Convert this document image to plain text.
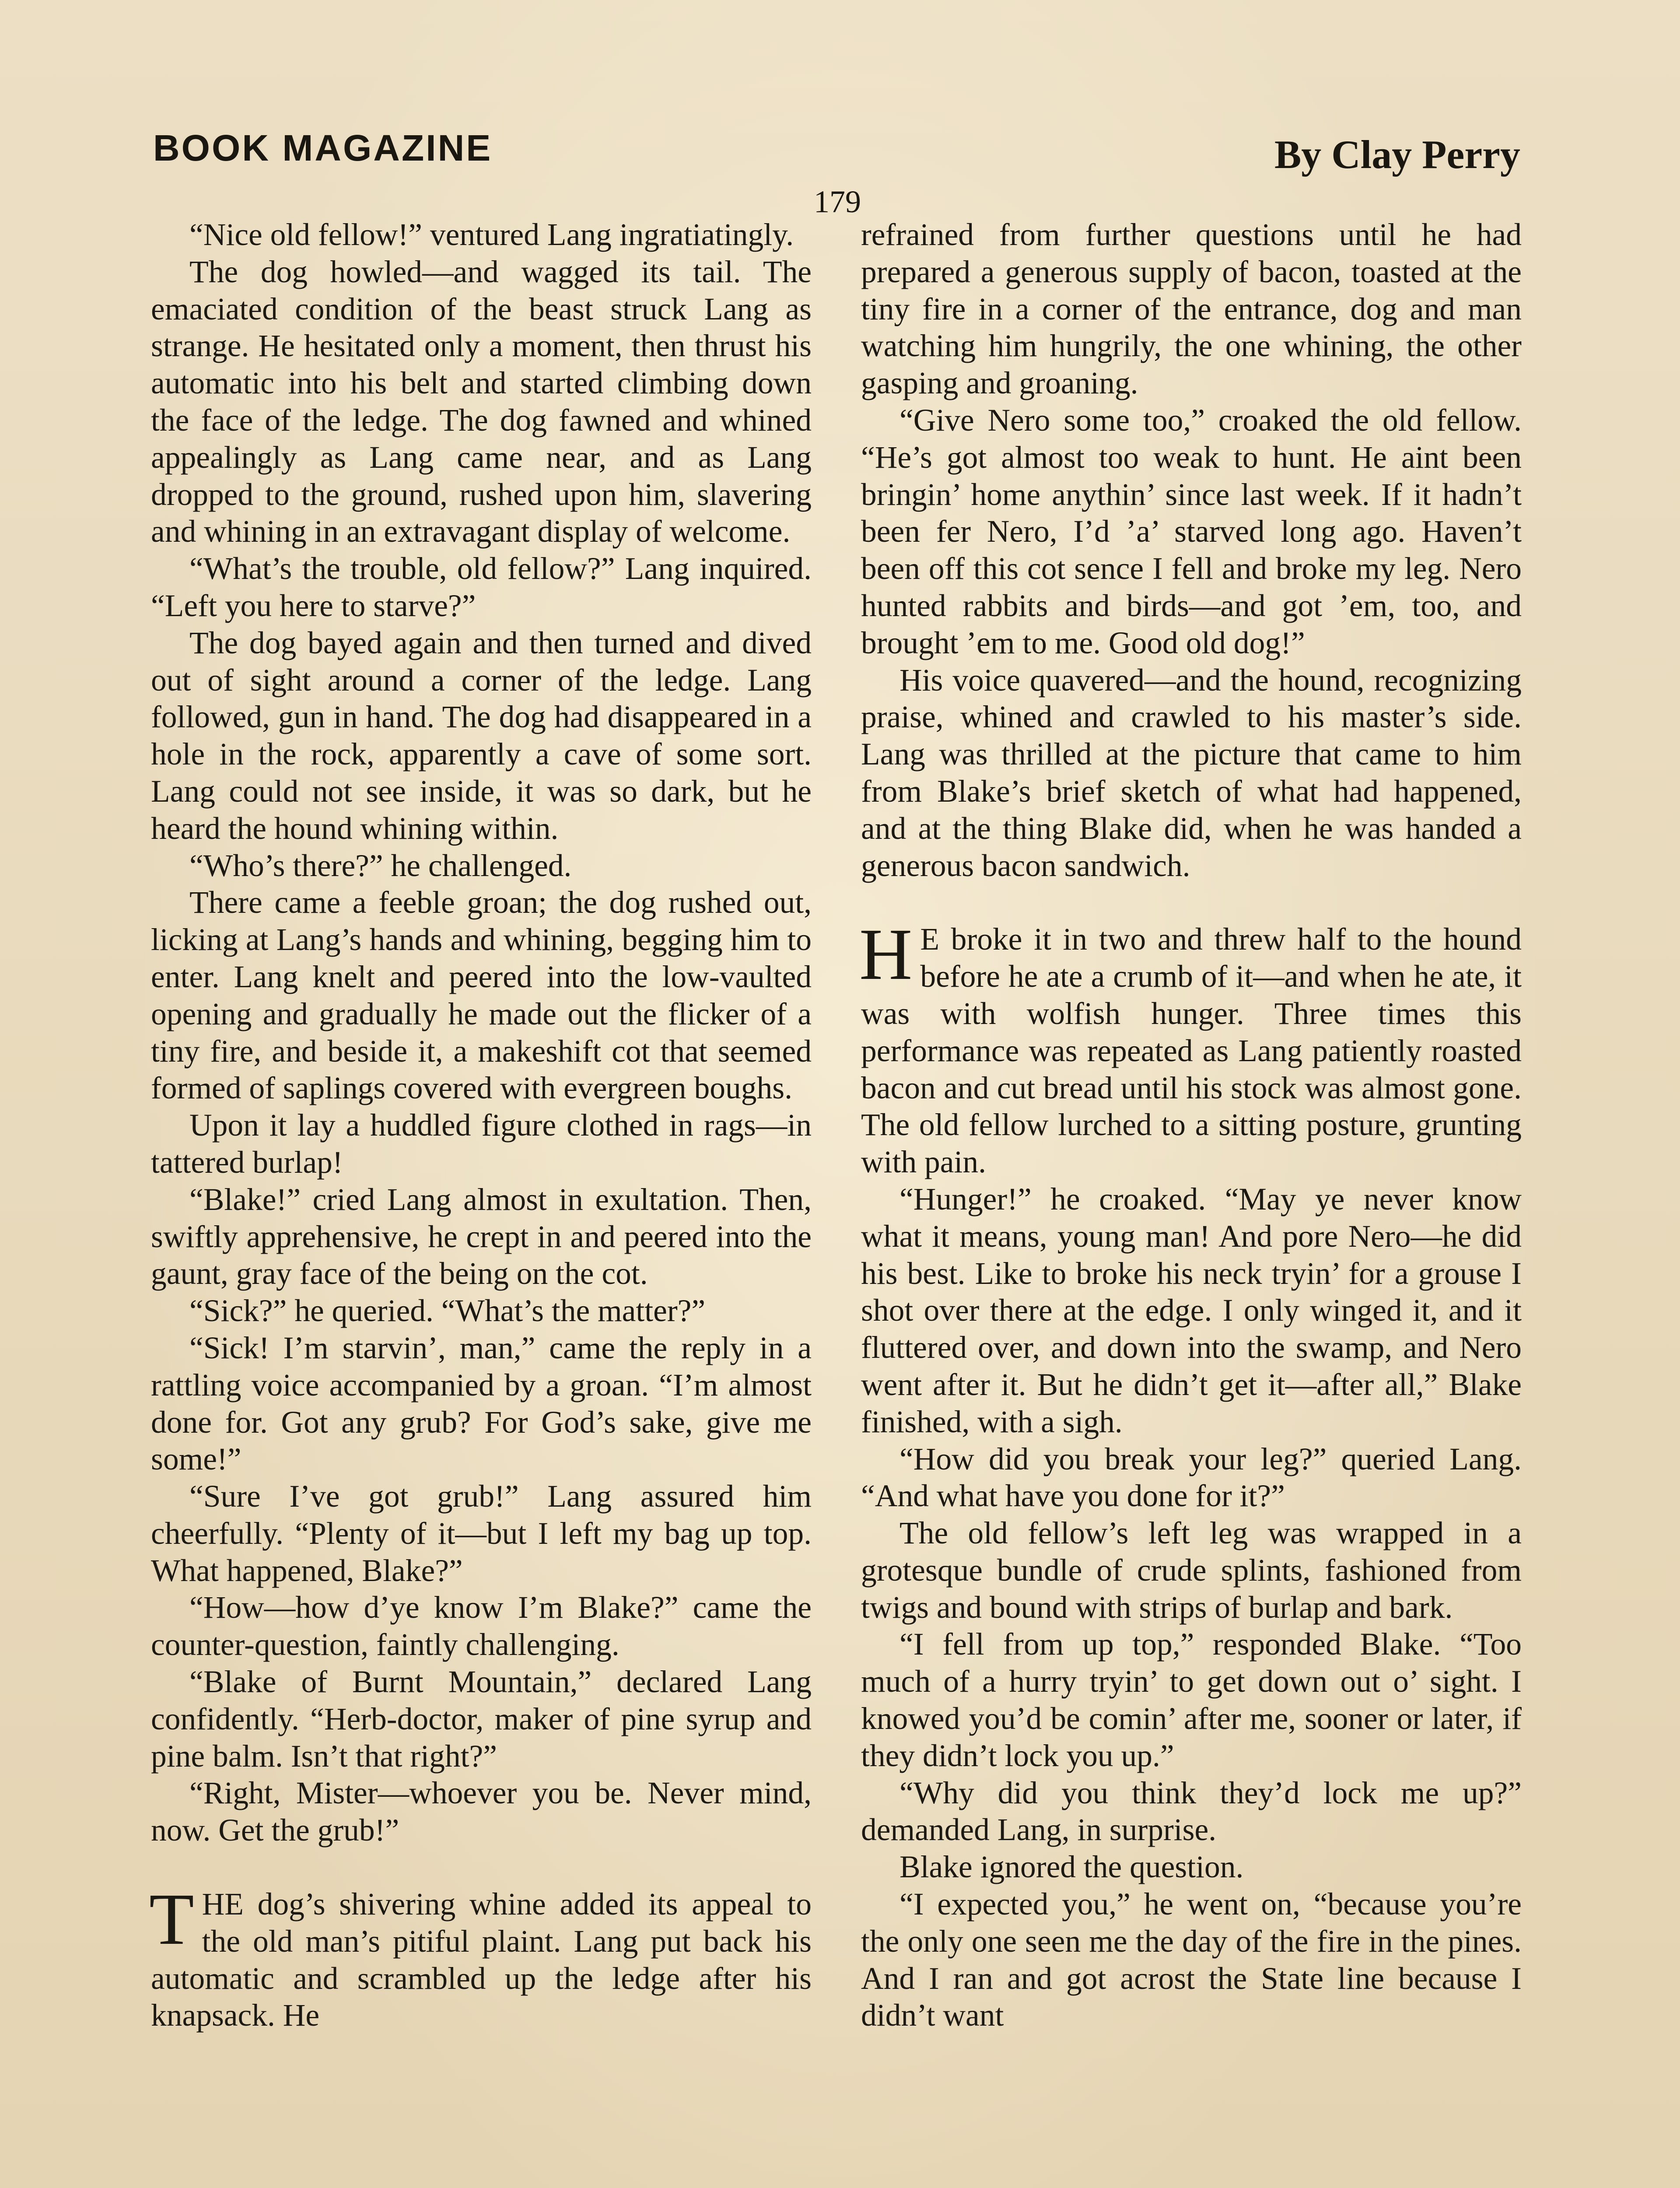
BOOK MAGAZINE	By Clay Perry
179

“Nice old fellow!” ventured Lang ingratiatingly.

The dog howled—and wagged its tail. The emaciated condition of the beast struck Lang as strange. He hesitated only a moment, then thrust his automatic into his belt and started climbing down the face of the ledge. The dog fawned and whined appealingly as Lang came near, and as Lang dropped to the ground, rushed upon him, slavering and whining in an extravagant display of welcome.

“What’s the trouble, old fellow?” Lang inquired. “Left you here to starve?”

The dog bayed again and then turned and dived out of sight around a corner of the ledge. Lang followed, gun in hand. The dog had disappeared in a hole in the rock, apparently a cave of some sort. Lang could not see inside, it was so dark, but he heard the hound whining within.

“Who’s there?” he challenged.

There came a feeble groan; the dog rushed out, licking at Lang’s hands and whining, begging him to enter. Lang knelt and peered into the low-vaulted opening and gradually he made out the flicker of a tiny fire, and beside it, a makeshift cot that seemed formed of saplings covered with evergreen boughs.

Upon it lay a huddled figure clothed in rags—in tattered burlap!

“Blake!” cried Lang almost in exultation. Then, swiftly apprehensive, he crept in and peered into the gaunt, gray face of the being on the cot.

“Sick?” he queried. “What’s the matter?”

“Sick! I’m starvin’, man,” came the reply in a rattling voice accompanied by a groan. “I’m almost done for. Got any grub? For God’s sake, give me some!”

“Sure I’ve got grub!” Lang assured him cheerfully. “Plenty of it—but I left my bag up top. What happened, Blake?”

“How—how d’ye know I’m Blake?” came the counter-question, faintly challenging.

“Blake of Burnt Mountain,” declared Lang confidently. “Herb-doctor, maker of pine syrup and pine balm. Isn’t that right?”

“Right, Mister—whoever you be. Never mind, now. Get the grub!”

THE dog’s shivering whine added its appeal to the old man’s pitiful plaint. Lang put back his automatic and scrambled up the ledge after his knapsack. He

refrained from further questions until he had prepared a generous supply of bacon, toasted at the tiny fire in a corner of the entrance, dog and man watching him hungrily, the one whining, the other gasping and groaning.

“Give Nero some too,” croaked the old fellow. “He’s got almost too weak to hunt. He aint been bringin’ home anythin’ since last week. If it hadn’t been fer Nero, I’d ’a’ starved long ago. Haven’t been off this cot sence I fell and broke my leg. Nero hunted rabbits and birds—and got ’em, too, and brought ’em to me. Good old dog!”

His voice quavered—and the hound, recognizing praise, whined and crawled to his master’s side. Lang was thrilled at the picture that came to him from Blake’s brief sketch of what had happened, and at the thing Blake did, when he was handed a generous bacon sandwich.

H E broke it in two and threw half to the hound before he ate a crumb of it—and when he ate, it was with wolfish hunger. Three times this performance was repeated as Lang patiently roasted bacon and cut bread until his stock was almost gone. The old fellow lurched to a sitting posture, grunting with pain.

“Hunger!” he croaked. “May ye never know what it means, young man! And pore Nero—he did his best. Like to broke his neck tryin’ for a grouse I shot over there at the edge. I only winged it, and it fluttered over, and down into the swamp, and Nero went after it. But he didn’t get it—after all,” Blake finished, with a sigh.

“How did you break your leg?” queried Lang. “And what have you done for it?”

The old fellow’s left leg was wrapped in a grotesque bundle of crude splints, fashioned from twigs and bound with strips of burlap and bark.

“I fell from up top,” responded Blake. “Too much of a hurry tryin’ to get down out o’ sight. I knowed you’d be comin’ after me, sooner or later, if they didn’t lock you up.”

“Why did you think they’d lock me up?” demanded Lang, in surprise.

Blake ignored the question.

“I expected you,” he went on, “because you’re the only one seen me the day of the fire in the pines. And I ran and got acrost the State line because I didn’t want
